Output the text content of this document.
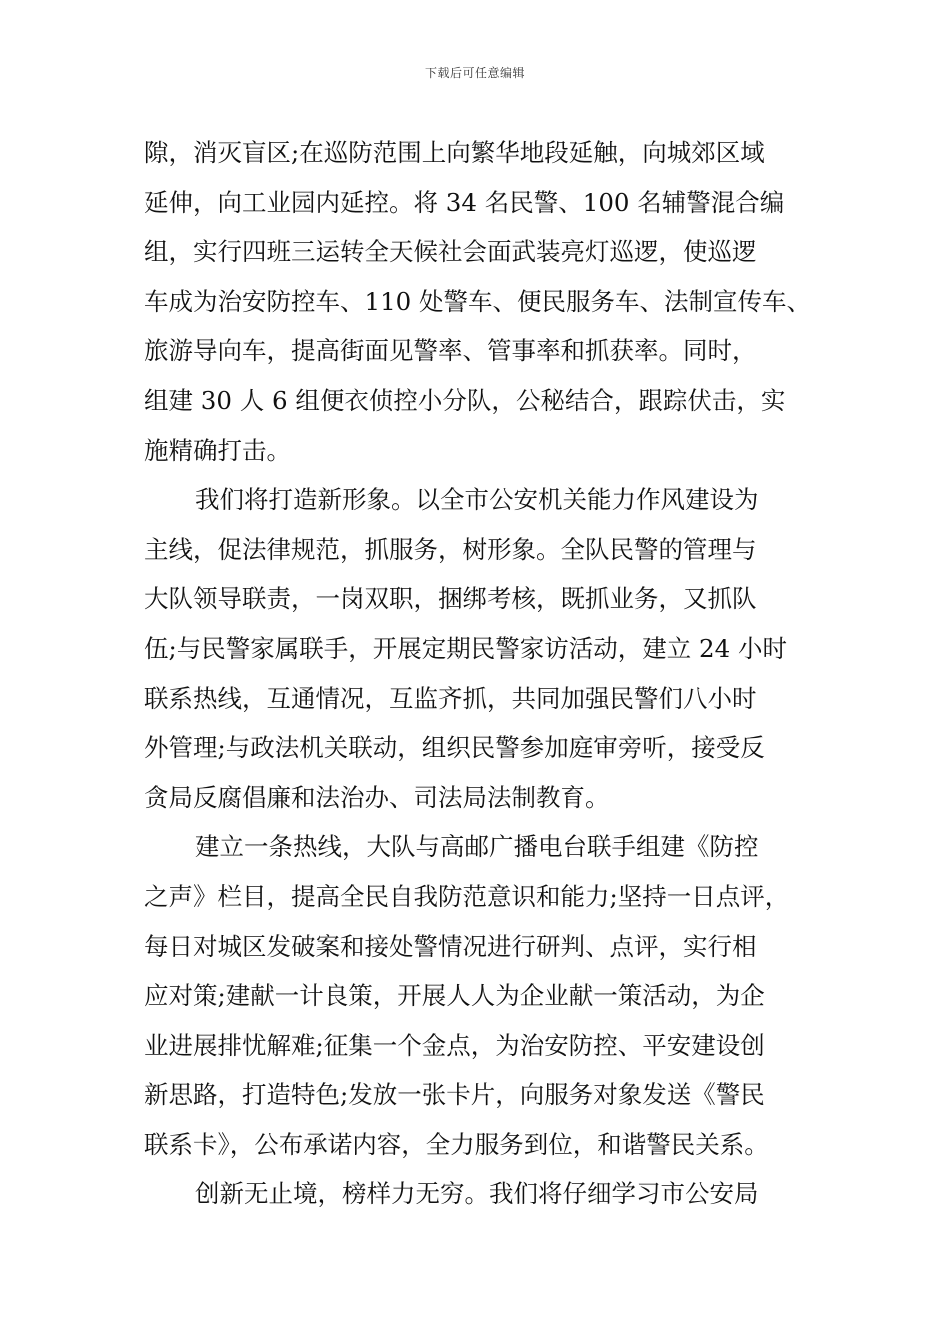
下载后可任意编辑
隙，消灭盲区;在巡防范围上向繁华地段延触，向城郊区域
延伸，向工业园内延控。将 34 名民警、100 名辅警混合编
组，实行四班三运转全天候社会面武装亮灯巡逻，使巡逻
车成为治安防控车、110 处警车、便民服务车、法制宣传车、
旅游导向车，提高街面见警率、管事率和抓获率。同时，
组建 30 人 6 组便衣侦控小分队，公秘结合，跟踪伏击，实
施精确打击。
我们将打造新形象。以全市公安机关能力作风建设为
主线，促法律规范，抓服务，树形象。全队民警的管理与
大队领导联责，一岗双职，捆绑考核，既抓业务，又抓队
伍;与民警家属联手，开展定期民警家访活动，建立 24 小时
联系热线，互通情况，互监齐抓，共同加强民警们八小时
外管理;与政法机关联动，组织民警参加庭审旁听，接受反
贪局反腐倡廉和法治办、司法局法制教育。
建立一条热线，大队与高邮广播电台联手组建《防控
之声》栏目，提高全民自我防范意识和能力;坚持一日点评，
每日对城区发破案和接处警情况进行研判、点评，实行相
应对策;建献一计良策，开展人人为企业献一策活动，为企
业进展排忧解难;征集一个金点，为治安防控、平安建设创
新思路，打造特色;发放一张卡片，向服务对象发送《警民
联系卡》，公布承诺内容，全力服务到位，和谐警民关系。
创新无止境，榜样力无穷。我们将仔细学习市公安局
